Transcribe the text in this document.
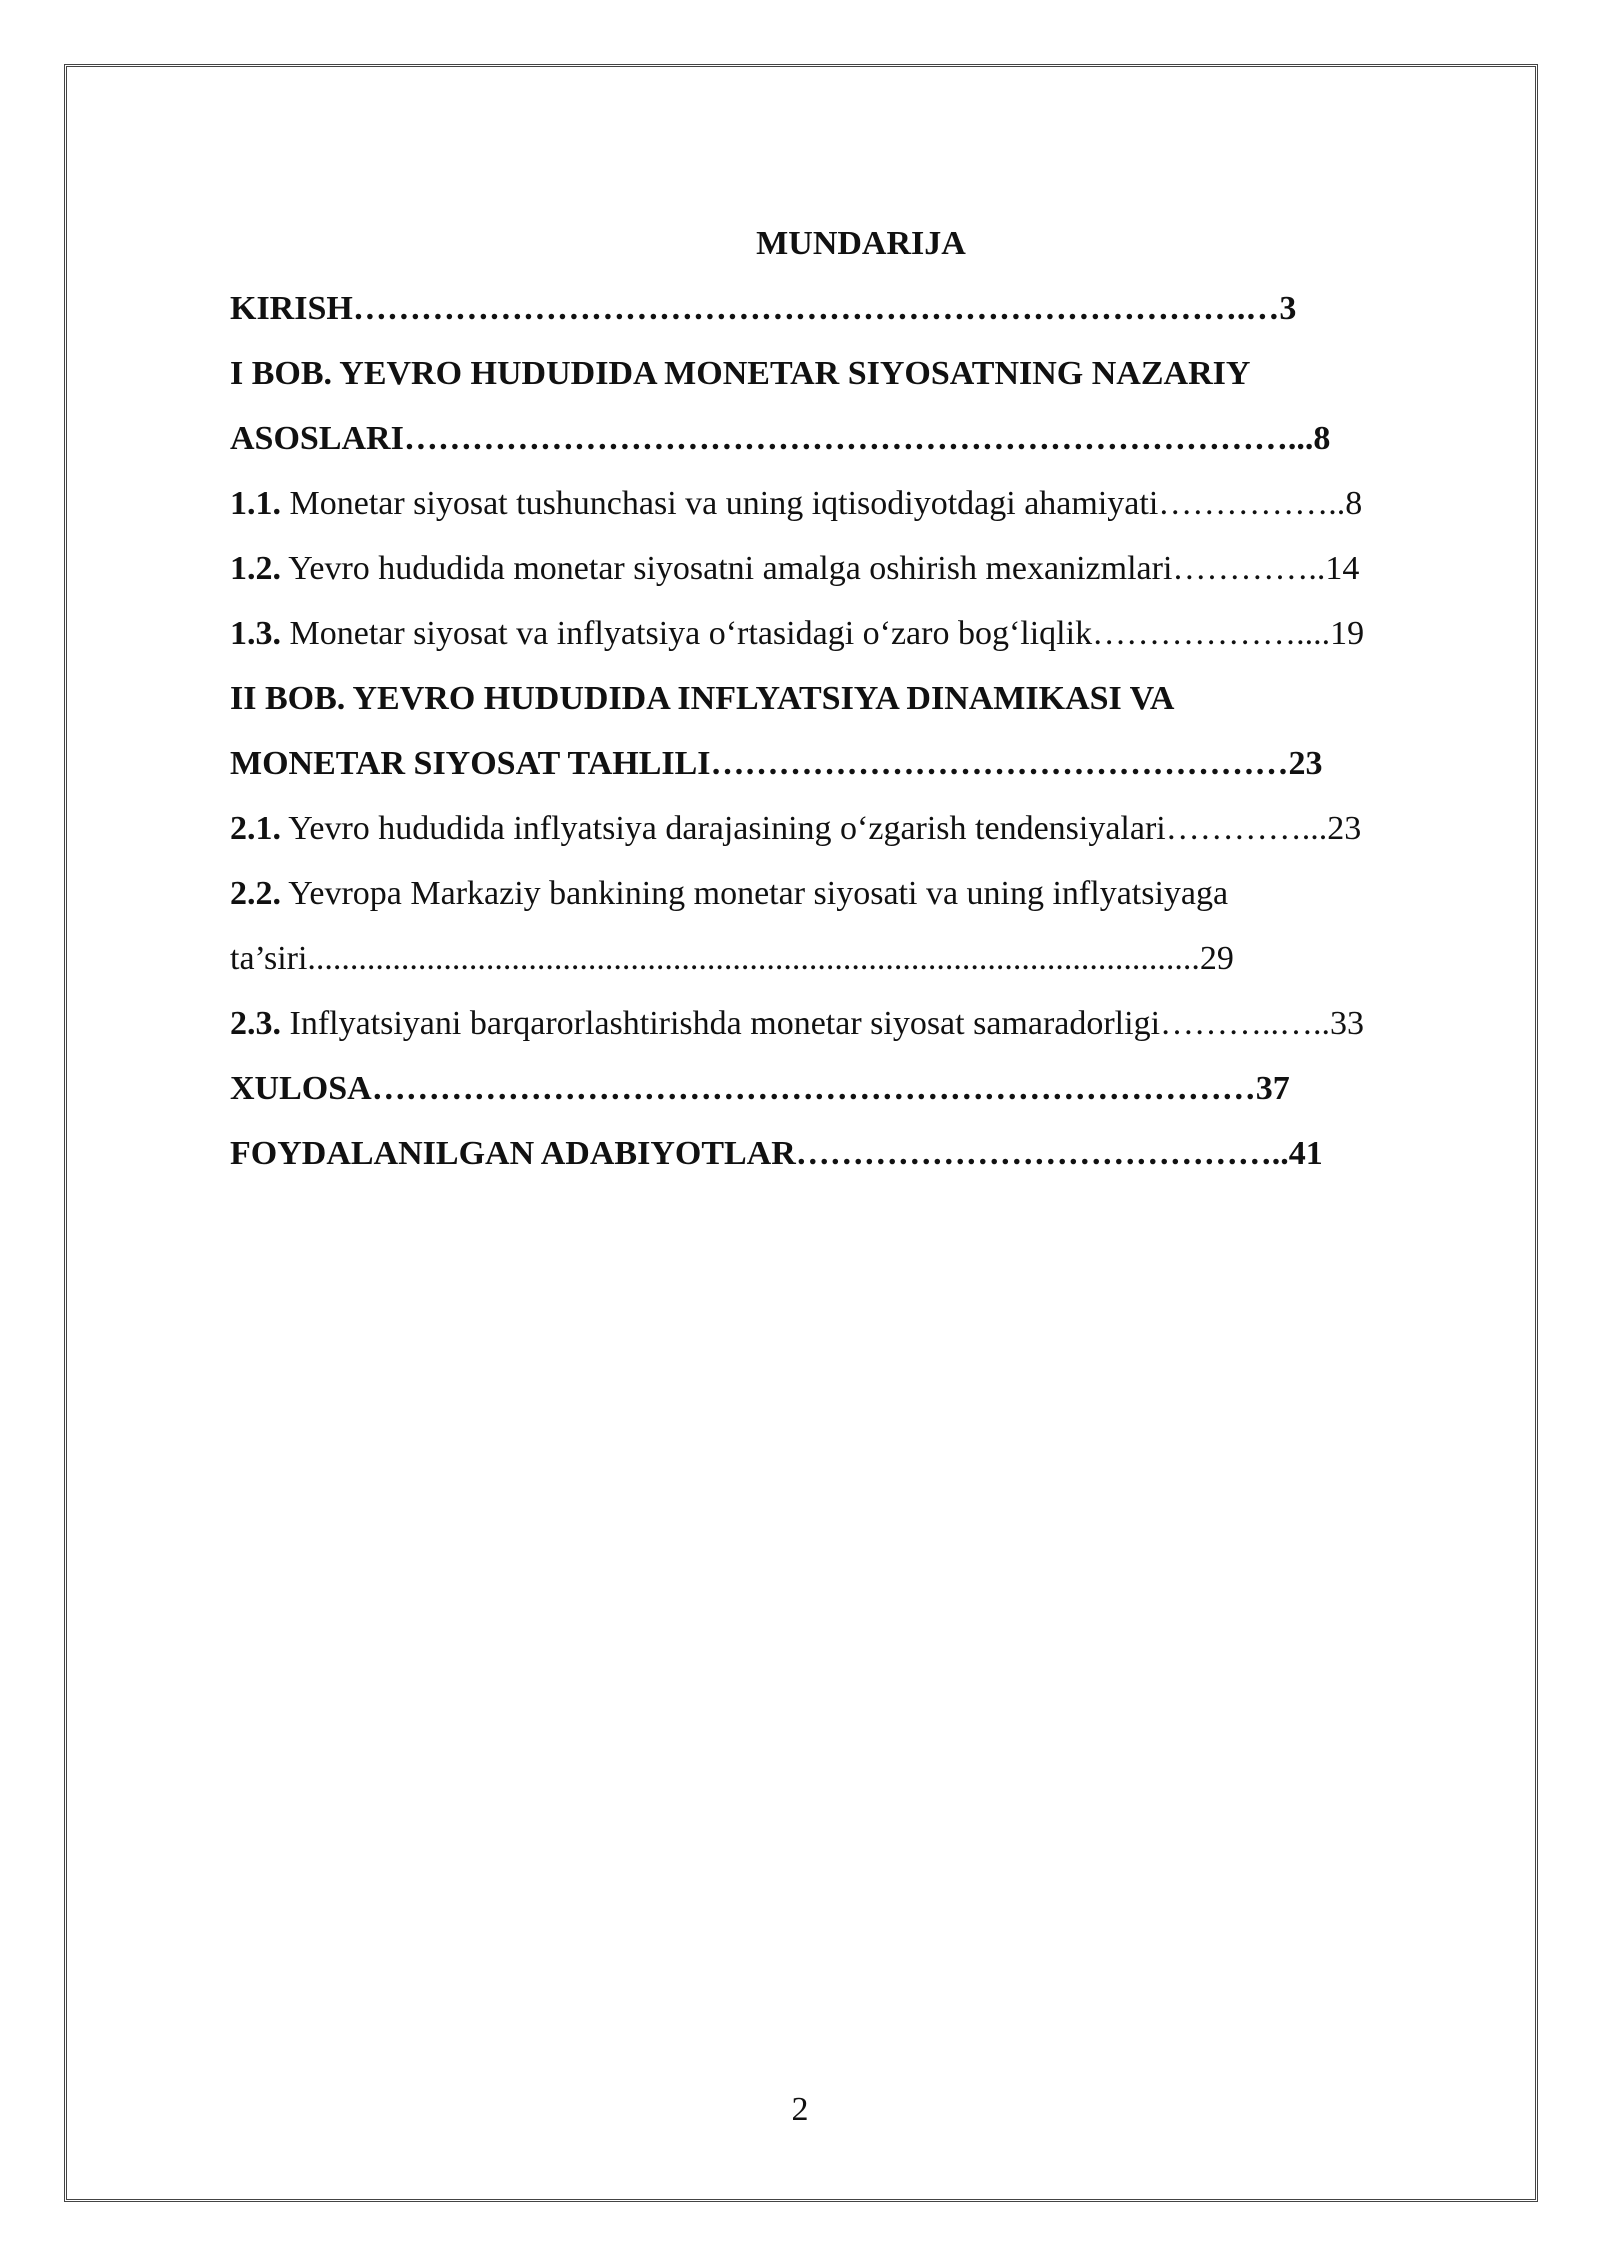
MUNDARIJA
KIRISH…………………………………………………………………….…3
I BOB. YEVRO HUDUDIDA MONETAR SIYOSATNING NAZARIY
ASOSLARI……………………………………………………………………...8
1.1. Monetar siyosat tushunchasi va uning iqtisodiyotdagi ahamiyati……………..8
1.2. Yevro hududida monetar siyosatni amalga oshirish mexanizmlari…………..14
1.3. Monetar siyosat va inflyatsiya oʻrtasidagi oʻzaro bogʻliqlik………………....19
II BOB. YEVRO HUDUDIDA INFLYATSIYA DINAMIKASI VA
MONETAR SIYOSAT TAHLILI……………………………………………23
2.1. Yevro hududida inflyatsiya darajasining oʻzgarish tendensiyalari…………...23
2.2. Yevropa Markaziy bankining monetar siyosati va uning inflyatsiyaga
ta’siri.........................................................................................................29
2.3. Inflyatsiyani barqarorlashtirishda monetar siyosat samaradorligi………..…..33
XULOSA……………………………………………………………………37
FOYDALANILGAN ADABIYOTLAR……………………………………..41
2
